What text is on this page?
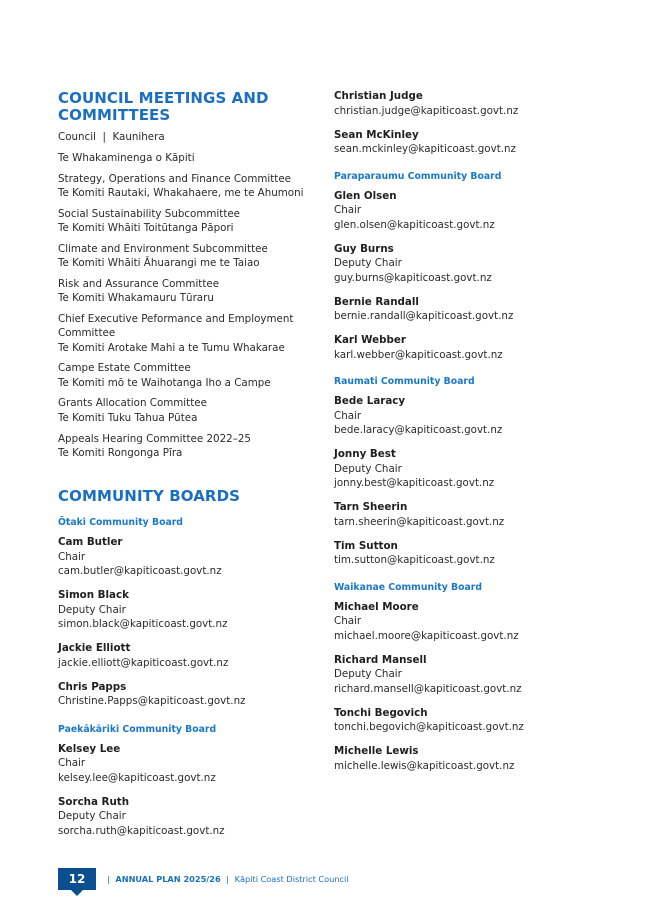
COUNCIL MEETINGS AND COMMITTEES
Council  |  Kaunihera
Te Whakaminenga o Kāpiti
Strategy, Operations and Finance Committee
Te Komiti Rautaki, Whakahaere, me te Ahumoni
Social Sustainability Subcommittee
Te Komiti Whāiti Toitūtanga Pāpori
Climate and Environment Subcommittee
Te Komiti Whāiti Āhuarangi me te Taiao
Risk and Assurance Committee
Te Komiti Whakamauru Tūraru
Chief Executive Peformance and Employment Committee
Te Komiti Arotake Mahi a te Tumu Whakarae
Campe Estate Committee
Te Komiti mō te Waihotanga Iho a Campe
Grants Allocation Committee
Te Komiti Tuku Tahua Pūtea
Appeals Hearing Committee 2022–25
Te Komiti Rongonga Pīra
COMMUNITY BOARDS
Ōtaki Community Board
Cam Butler
Chair
cam.butler@kapiticoast.govt.nz
Simon Black
Deputy Chair
simon.black@kapiticoast.govt.nz
Jackie Elliott
jackie.elliott@kapiticoast.govt.nz
Chris Papps
Christine.Papps@kapiticoast.govt.nz
Paekākāriki Community Board
Kelsey Lee
Chair
kelsey.lee@kapiticoast.govt.nz
Sorcha Ruth
Deputy Chair
sorcha.ruth@kapiticoast.govt.nz
Christian Judge
christian.judge@kapiticoast.govt.nz
Sean McKinley
sean.mckinley@kapiticoast.govt.nz
Paraparaumu Community Board
Glen Olsen
Chair
glen.olsen@kapiticoast.govt.nz
Guy Burns
Deputy Chair
guy.burns@kapiticoast.govt.nz
Bernie Randall
bernie.randall@kapiticoast.govt.nz
Karl Webber
karl.webber@kapiticoast.govt.nz
Raumati Community Board
Bede Laracy
Chair
bede.laracy@kapiticoast.govt.nz
Jonny Best
Deputy Chair
jonny.best@kapiticoast.govt.nz
Tarn Sheerin
tarn.sheerin@kapiticoast.govt.nz
Tim Sutton
tim.sutton@kapiticoast.govt.nz
Waikanae Community Board
Michael Moore
Chair
michael.moore@kapiticoast.govt.nz
Richard Mansell
Deputy Chair
richard.mansell@kapiticoast.govt.nz
Tonchi Begovich
tonchi.begovich@kapiticoast.govt.nz
Michelle Lewis
michelle.lewis@kapiticoast.govt.nz
12	| ANNUAL PLAN 2025/26 | Kāpiti Coast District Council
